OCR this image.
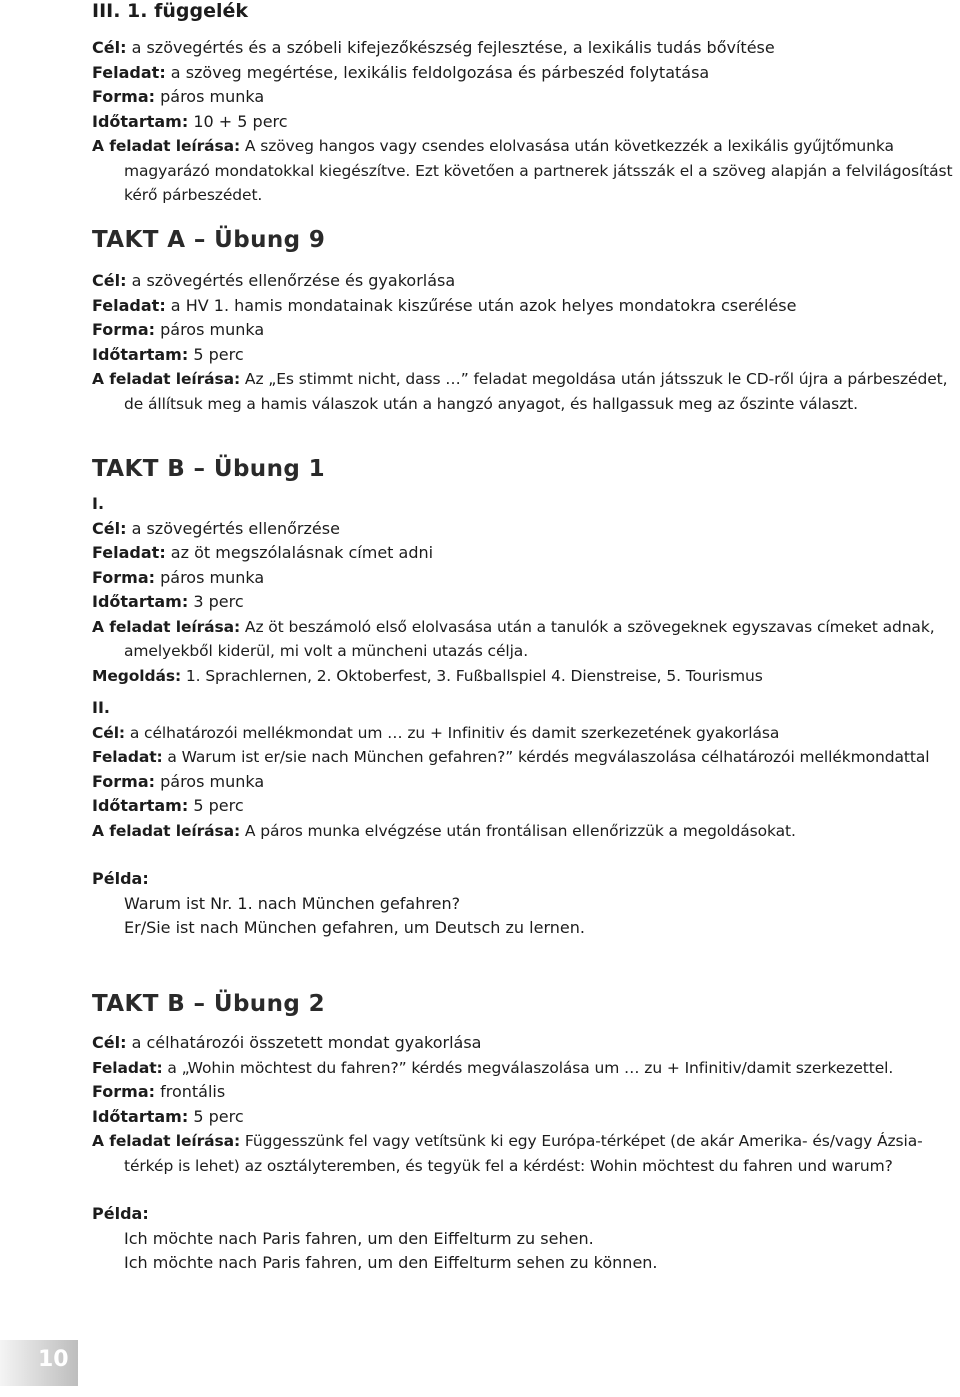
III. 1. függelék
Cél: a szövegértés és a szóbeli kifejezőkészség fejlesztése, a lexikális tudás bővítése
Feladat: a szöveg megértése, lexikális feldolgozása és párbeszéd folytatása
Forma: páros munka
Időtartam: 10 + 5 perc
A feladat leírása: A szöveg hangos vagy csendes elolvasása után következzék a lexikális gyűjtőmunka magyarázó mondatokkal kiegészítve. Ezt követően a partnerek játsszák el a szöveg alapján a felvilágosítást kérő párbeszédet.
TAKT A – Übung 9
Cél: a szövegértés ellenőrzése és gyakorlása
Feladat: a HV 1. hamis mondatainak kiszűrése után azok helyes mondatokra cserélése
Forma: páros munka
Időtartam: 5 perc
A feladat leírása: Az „Es stimmt nicht, dass …” feladat megoldása után játsszuk le CD-ről újra a párbeszédet, de állítsuk meg a hamis válaszok után a hangzó anyagot, és hallgassuk meg az őszinte választ.
TAKT B – Übung 1
I.
Cél: a szövegértés ellenőrzése
Feladat: az öt megszólalásnak címet adni
Forma: páros munka
Időtartam: 3 perc
A feladat leírása: Az öt beszámoló első elolvasása után a tanulók a szövegeknek egyszavas címeket adnak, amelyekből kiderül, mi volt a müncheni utazás célja.
Megoldás: 1. Sprachlernen, 2. Oktoberfest, 3. Fußballspiel 4. Dienstreise, 5. Tourismus
II.
Cél: a célhatározói mellékmondat um … zu + Infinitiv és damit szerkezetének gyakorlása
Feladat: a Warum ist er/sie nach München gefahren?” kérdés megválaszolása célhatározói mellékmondattal
Forma: páros munka
Időtartam: 5 perc
A feladat leírása: A páros munka elvégzése után frontálisan ellenőrizzük a megoldásokat.
Példa:
Warum ist Nr. 1. nach München gefahren?
Er/Sie ist nach München gefahren, um Deutsch zu lernen.
TAKT B – Übung 2
Cél: a célhatározói összetett mondat gyakorlása
Feladat: a „Wohin möchtest du fahren?” kérdés megválaszolása um … zu + Infinitiv/damit szerkezettel.
Forma: frontális
Időtartam: 5 perc
A feladat leírása: Függesszünk fel vagy vetítsünk ki egy Európa-térképet (de akár Amerika- és/vagy Ázsia-térkép is lehet) az osztályteremben, és tegyük fel a kérdést: Wohin möchtest du fahren und warum?
Példa:
Ich möchte nach Paris fahren, um den Eiffelturm zu sehen.
Ich möchte nach Paris fahren, um den Eiffelturm sehen zu können.
10
